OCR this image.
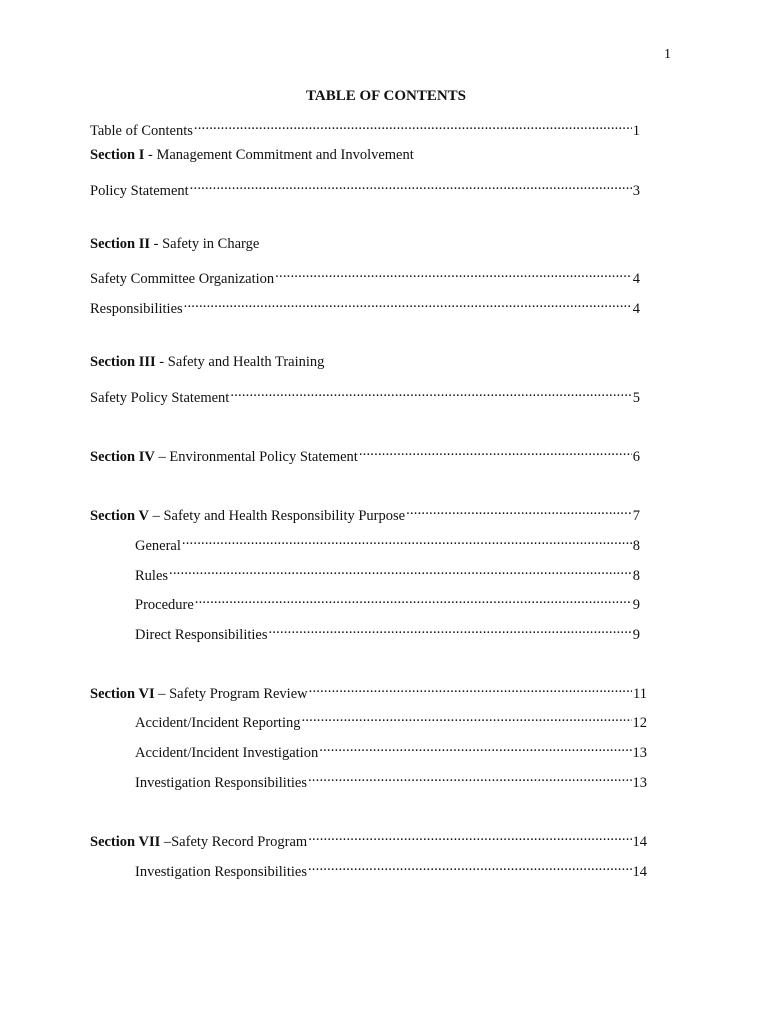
1
TABLE OF CONTENTS
Table of Contents .....	1
Section I - Management Commitment and Involvement
Policy Statement .....	3
Section II - Safety in Charge
Safety Committee Organization .....	4
Responsibilities .....	4
Section III - Safety and Health Training
Safety Policy Statement .....	5
Section IV – Environmental Policy Statement .....	6
Section V – Safety and Health Responsibility Purpose .....	7
General .....	8
Rules .....	8
Procedure .....	9
Direct Responsibilities .....	9
Section VI – Safety Program Review .....	11
Accident/Incident Reporting .....	12
Accident/Incident Investigation .....	13
Investigation Responsibilities .....	13
Section VII –Safety Record Program .....	14
Investigation Responsibilities .....	14
